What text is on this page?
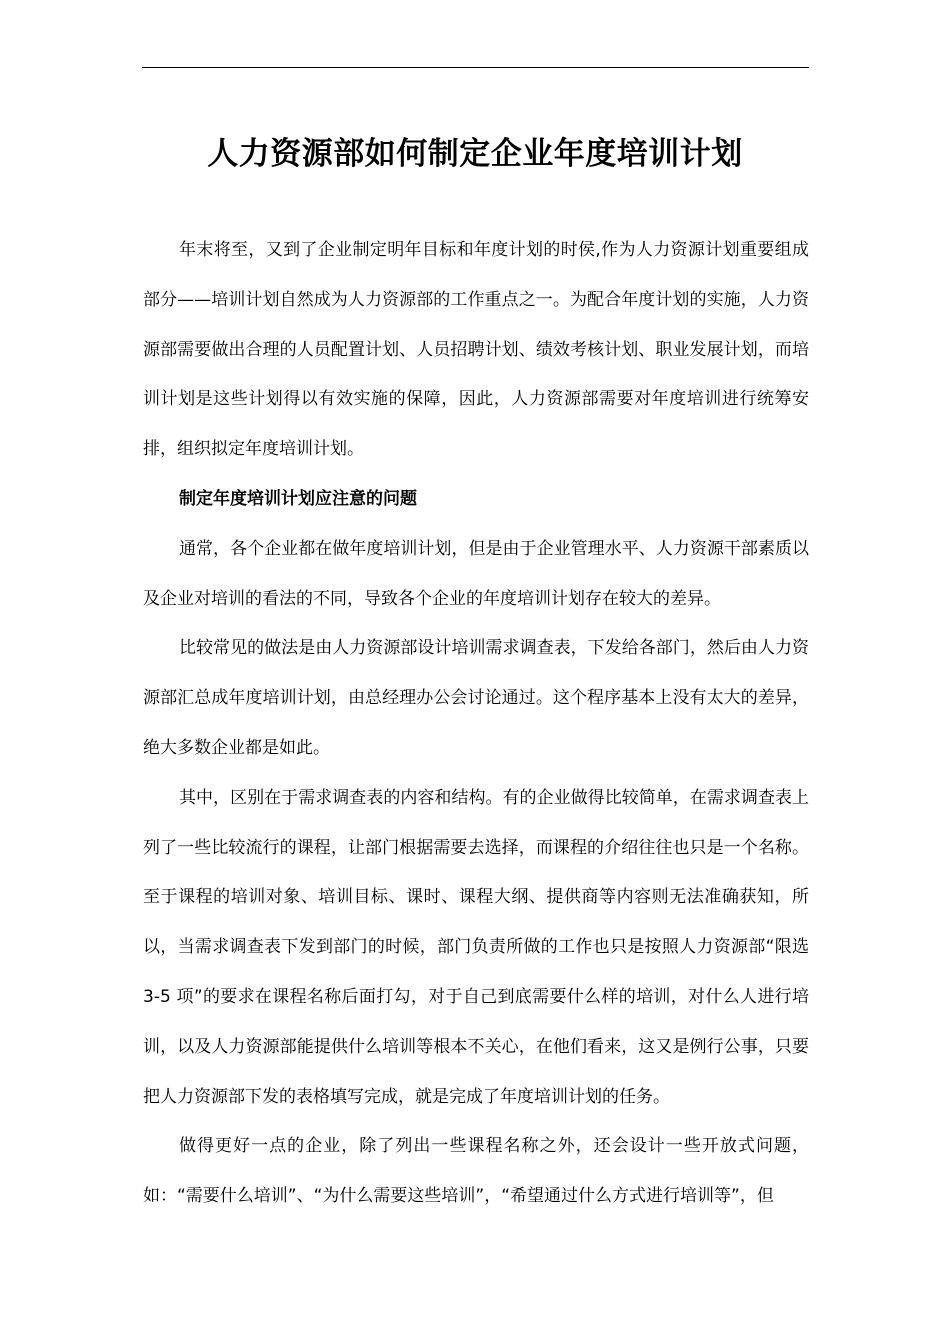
人力资源部如何制定企业年度培训计划

年末将至，又到了企业制定明年目标和年度计划的时侯,作为人力资源计划重要组成部分——培训计划自然成为人力资源部的工作重点之一。为配合年度计划的实施，人力资源部需要做出合理的人员配置计划、人员招聘计划、绩效考核计划、职业发展计划，而培训计划是这些计划得以有效实施的保障，因此，人力资源部需要对年度培训进行统筹安排，组织拟定年度培训计划。

制定年度培训计划应注意的问题

通常，各个企业都在做年度培训计划，但是由于企业管理水平、人力资源干部素质以及企业对培训的看法的不同，导致各个企业的年度培训计划存在较大的差异。

比较常见的做法是由人力资源部设计培训需求调查表，下发给各部门，然后由人力资源部汇总成年度培训计划，由总经理办公会讨论通过。这个程序基本上没有太大的差异，绝大多数企业都是如此。

其中，区别在于需求调查表的内容和结构。有的企业做得比较简单，在需求调查表上列了一些比较流行的课程，让部门根据需要去选择，而课程的介绍往往也只是一个名称。至于课程的培训对象、培训目标、课时、课程大纲、提供商等内容则无法准确获知，所以，当需求调查表下发到部门的时候，部门负责所做的工作也只是按照人力资源部“限选 3-5 项”的要求在课程名称后面打勾，对于自己到底需要什么样的培训，对什么人进行培训，以及人力资源部能提供什么培训等根本不关心，在他们看来，这又是例行公事，只要把人力资源部下发的表格填写完成，就是完成了年度培训计划的任务。

做得更好一点的企业，除了列出一些课程名称之外，还会设计一些开放式问题，如：“需要什么培训”、“为什么需要这些培训”，“希望通过什么方式进行培训等”，但
